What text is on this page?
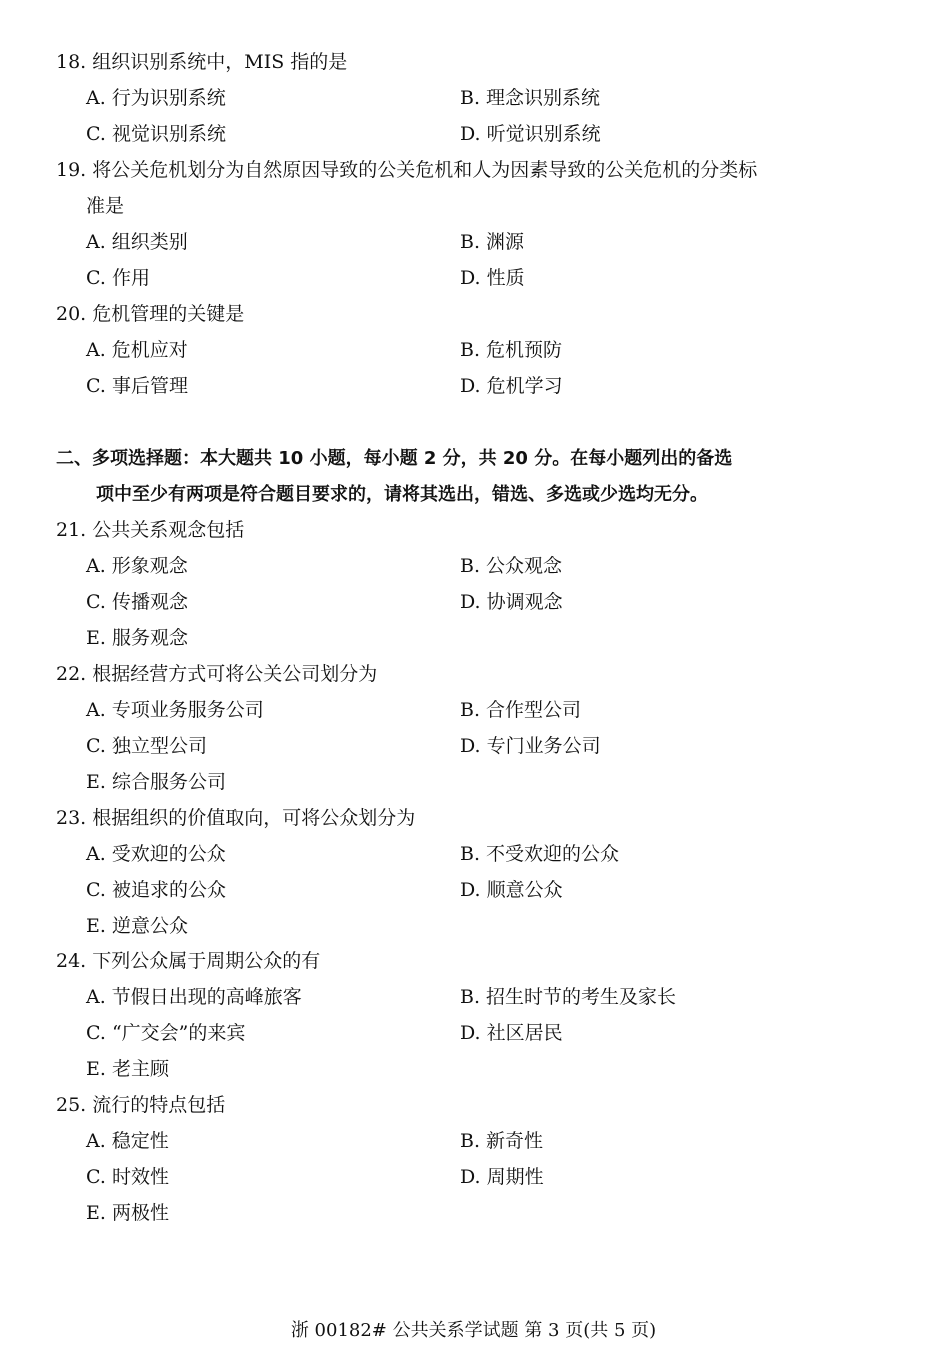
18. 组织识别系统中，MIS 指的是
A. 行为识别系统	B. 理念识别系统
C. 视觉识别系统	D. 听觉识别系统
19. 将公关危机划分为自然原因导致的公关危机和人为因素导致的公关危机的分类标
准是
A. 组织类别	B. 渊源
C. 作用	D. 性质
20. 危机管理的关键是
A. 危机应对	B. 危机预防
C. 事后管理	D. 危机学习
二、多项选择题：本大题共 10 小题，每小题 2 分，共 20 分。在每小题列出的备选
项中至少有两项是符合题目要求的，请将其选出，错选、多选或少选均无分。
21. 公共关系观念包括
A. 形象观念	B. 公众观念
C. 传播观念	D. 协调观念
E. 服务观念
22. 根据经营方式可将公关公司划分为
A. 专项业务服务公司	B. 合作型公司
C. 独立型公司	D. 专门业务公司
E. 综合服务公司
23. 根据组织的价值取向，可将公众划分为
A. 受欢迎的公众	B. 不受欢迎的公众
C. 被追求的公众	D. 顺意公众
E. 逆意公众
24. 下列公众属于周期公众的有
A. 节假日出现的高峰旅客	B. 招生时节的考生及家长
C. “广交会”的来宾	D. 社区居民
E. 老主顾
25. 流行的特点包括
A. 稳定性	B. 新奇性
C. 时效性	D. 周期性
E. 两极性
浙 00182# 公共关系学试题 第 3 页(共 5 页)
